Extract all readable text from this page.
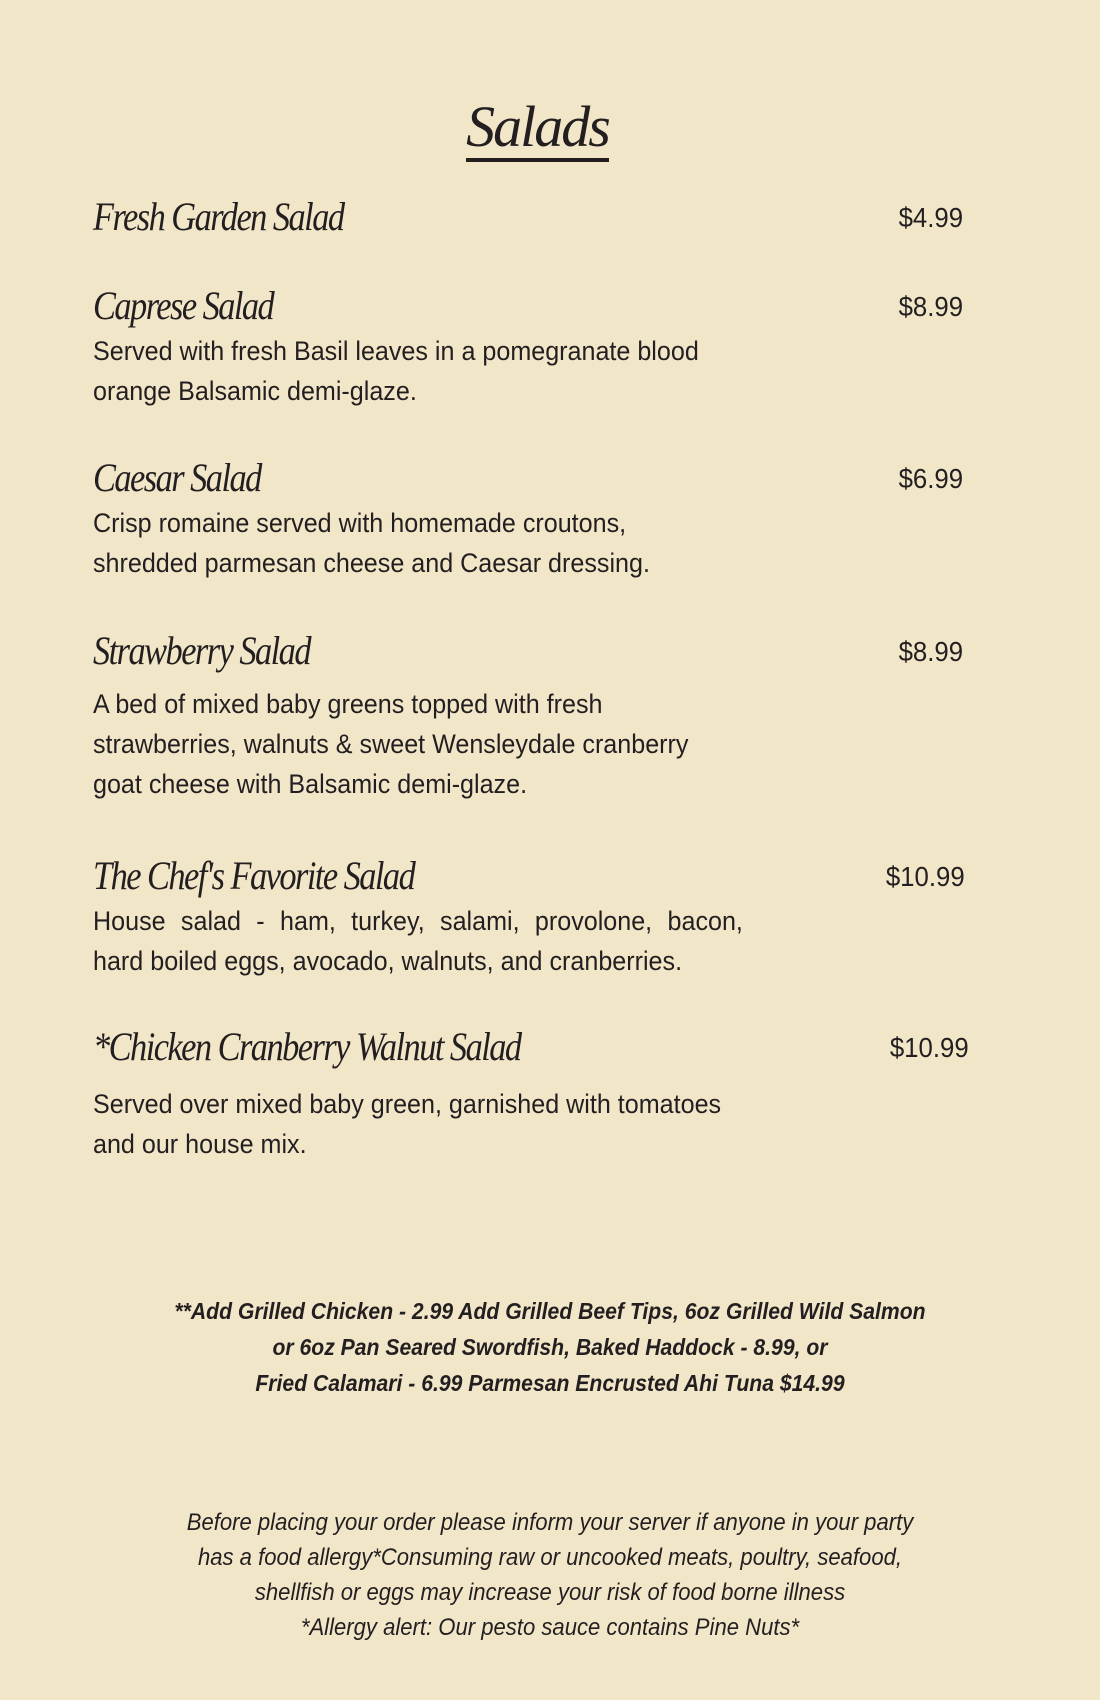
Salads
Fresh Garden Salad	$4.99
Caprese Salad	$8.99
Served with fresh Basil leaves in a pomegranate blood
orange Balsamic demi-glaze.
Caesar Salad	$6.99
Crisp romaine served with homemade croutons,
shredded parmesan cheese and Caesar dressing.
Strawberry Salad	$8.99
A bed of mixed baby greens topped with fresh
strawberries, walnuts & sweet Wensleydale cranberry
goat cheese with Balsamic demi-glaze.
The Chef's Favorite Salad	$10.99
House salad - ham, turkey, salami, provolone, bacon,
hard boiled eggs, avocado, walnuts, and cranberries.
*Chicken Cranberry Walnut Salad	$10.99
Served over mixed baby green, garnished with tomatoes
and our house mix.
**Add Grilled Chicken - 2.99 Add Grilled Beef Tips, 6oz Grilled Wild Salmon
or 6oz Pan Seared Swordfish, Baked Haddock - 8.99, or
Fried Calamari - 6.99 Parmesan Encrusted Ahi Tuna $14.99
Before placing your order please inform your server if anyone in your party
has a food allergy*Consuming raw or uncooked meats, poultry, seafood,
shellfish or eggs may increase your risk of food borne illness
*Allergy alert: Our pesto sauce contains Pine Nuts*
